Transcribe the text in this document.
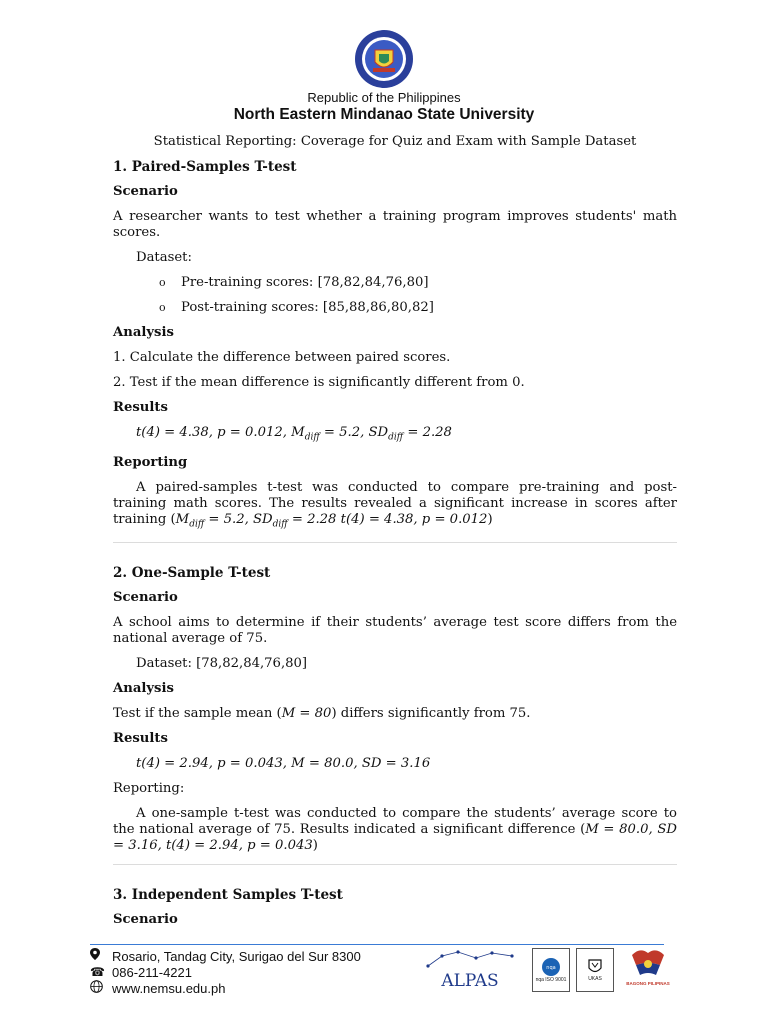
Republic of the Philippines
North Eastern Mindanao State University
Statistical Reporting: Coverage for Quiz and Exam with Sample Dataset
1. Paired-Samples T-test
Scenario

A researcher wants to test whether a training program improves students' math scores.

Dataset:

o	Pre-training scores: [78,82,84,76,80]
o	Post-training scores: [85,88,86,80,82]
Analysis

1. Calculate the difference between paired scores.

2. Test if the mean difference is significantly different from 0.

Results
t(4) = 4.38, p = 0.012, $M_{diff} = 5.2$, $SD_{diff} = 2.28$
Reporting

A paired-samples t-test was conducted to compare pre-training and post-training math scores. The results revealed a significant increase in scores after training ($M_{diff} = 5.2$, $SD_{diff} = 2.28$ t(4) = 4.38, p = 0.012)

2. One-Sample T-test
Scenario

A school aims to determine if their students’ average test score differs from the national average of 75.

Dataset: [78,82,84,76,80]

Analysis

Test if the sample mean (M = 80) differs significantly from 75.

Results
t(4) = 2.94, p = 0.043, M = 80.0, SD = 3.16

Reporting:

A one-sample t-test was conducted to compare the students’ average score to the national average of 75. Results indicated a significant difference (M = 80.0, SD = 3.16, t(4) = 2.94, p = 0.043)

3. Independent Samples T-test
Scenario
Rosario, Tandag City, Surigao del Sur 8300
☎ 086-211-4221
www.nemsu.edu.ph	ALPAS
nqa
nqa ISO 9001	UKAS
BAGONG PILIPINAS
